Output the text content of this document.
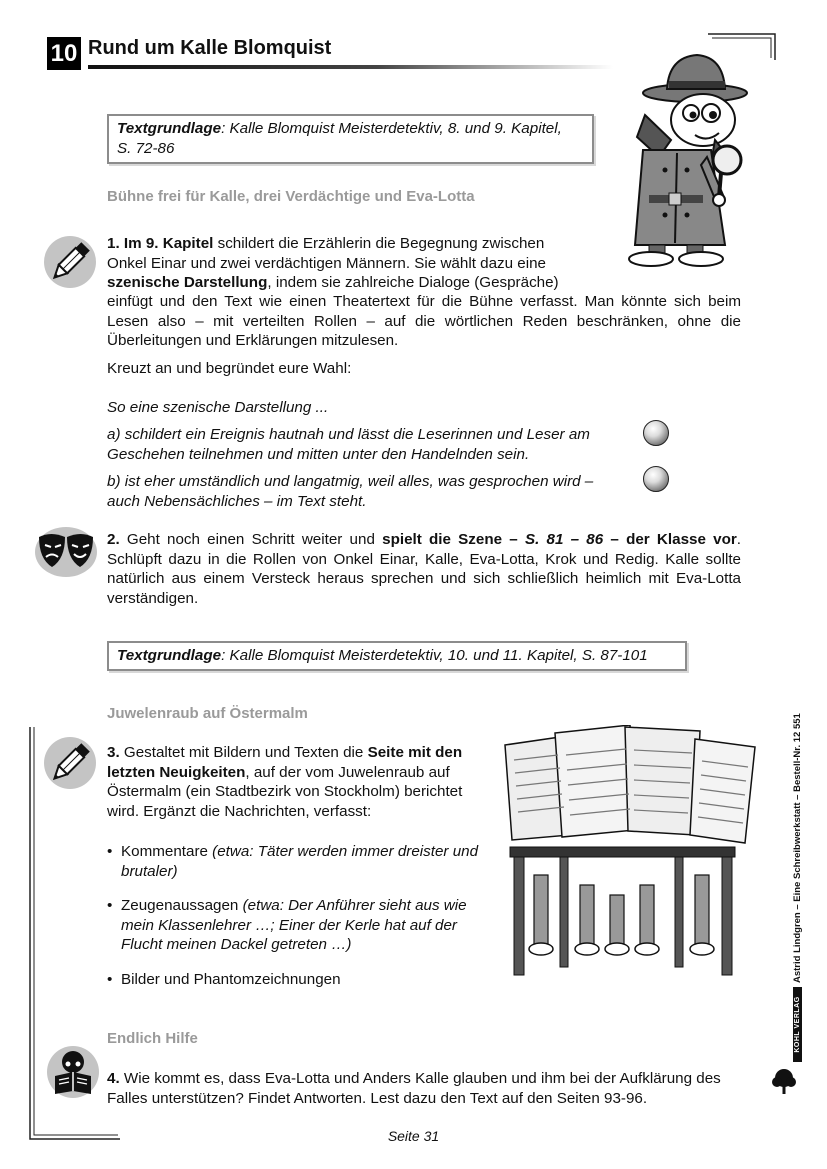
10 Rund um Kalle Blomquist
Textgrundlage: Kalle Blomquist Meisterdetektiv, 8. und 9. Kapitel,
S. 72-86
Bühne frei für Kalle, drei Verdächtige und Eva-Lotta
1. Im 9. Kapitel schildert die Erzählerin die Begegnung zwischen
Onkel Einar und zwei verdächtigen Männern. Sie wählt dazu eine
szenische Darstellung, indem sie zahlreiche Dialoge (Gespräche)
einfügt und den Text wie einen Theatertext für die Bühne verfasst. Man könnte sich beim Lesen also – mit verteilten Rollen – auf die wörtlichen Reden beschränken, ohne die Überleitungen und Erklärungen mitzulesen.
Kreuzt an und begründet eure Wahl:
So eine szenische Darstellung ...
a) schildert ein Ereignis hautnah und lässt die Leserinnen und Leser am Geschehen teilnehmen und mitten unter den Handelnden sein.
b) ist eher umständlich und langatmig, weil alles, was gesprochen wird – auch Nebensächliches – im Text steht.
2. Geht noch einen Schritt weiter und spielt die Szene – S. 81 – 86 – der Klasse vor. Schlüpft dazu in die Rollen von Onkel Einar, Kalle, Eva-Lotta, Krok und Redig. Kalle sollte natürlich aus einem Versteck heraus sprechen und sich schließlich heimlich mit Eva-Lotta verständigen.
Textgrundlage: Kalle Blomquist Meisterdetektiv, 10. und 11. Kapitel, S. 87-101
Juwelenraub auf Östermalm
3. Gestaltet mit Bildern und Texten die Seite mit den letzten Neuigkeiten, auf der vom Juwelenraub auf Östermalm (ein Stadtbezirk von Stockholm) berichtet wird. Ergänzt die Nachrichten, verfasst:
• Kommentare (etwa: Täter werden immer dreister und brutaler)
• Zeugenaussagen (etwa: Der Anführer sieht aus wie mein Klassenlehrer …; Einer der Kerle hat auf der Flucht meinen Dackel getreten …)
• Bilder und Phantomzeichnungen
Endlich Hilfe
4. Wie kommt es, dass Eva-Lotta und Anders Kalle glauben und ihm bei der Aufklärung des Falles unterstützen? Findet Antworten. Lest dazu den Text auf den Seiten 93-96.
Astrid Lindgren – Eine Schreibwerkstatt – Bestell-Nr. 12 551
KOHL VERLAG
Seite 31
